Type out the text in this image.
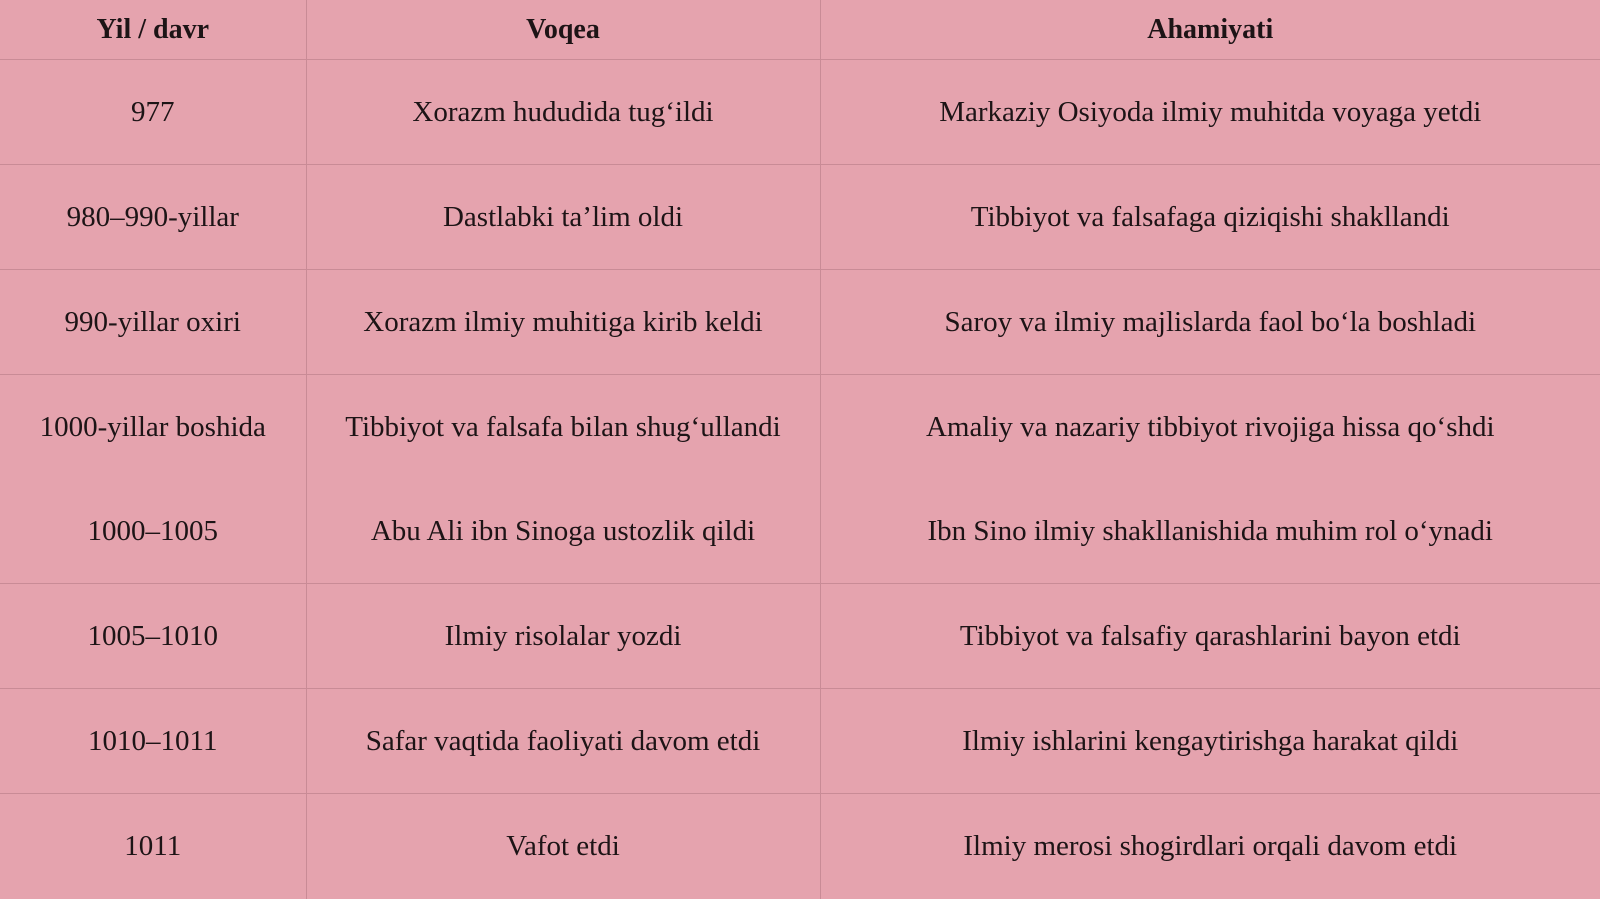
Yil / davr	Voqea	Ahamiyati
977	Xorazm hududida tug‘ildi	Markaziy Osiyoda ilmiy muhitda voyaga yetdi
980–990-yillar	Dastlabki ta’lim oldi	Tibbiyot va falsafaga qiziqishi shakllandi
990-yillar oxiri	Xorazm ilmiy muhitiga kirib keldi	Saroy va ilmiy majlislarda faol bo‘la boshladi
1000-yillar boshida	Tibbiyot va falsafa bilan shug‘ullandi	Amaliy va nazariy tibbiyot rivojiga hissa qo‘shdi
1000–1005	Abu Ali ibn Sinoga ustozlik qildi	Ibn Sino ilmiy shakllanishida muhim rol o‘ynadi
1005–1010	Ilmiy risolalar yozdi	Tibbiyot va falsafiy qarashlarini bayon etdi
1010–1011	Safar vaqtida faoliyati davom etdi	Ilmiy ishlarini kengaytirishga harakat qildi
1011	Vafot etdi	Ilmiy merosi shogirdlari orqali davom etdi
